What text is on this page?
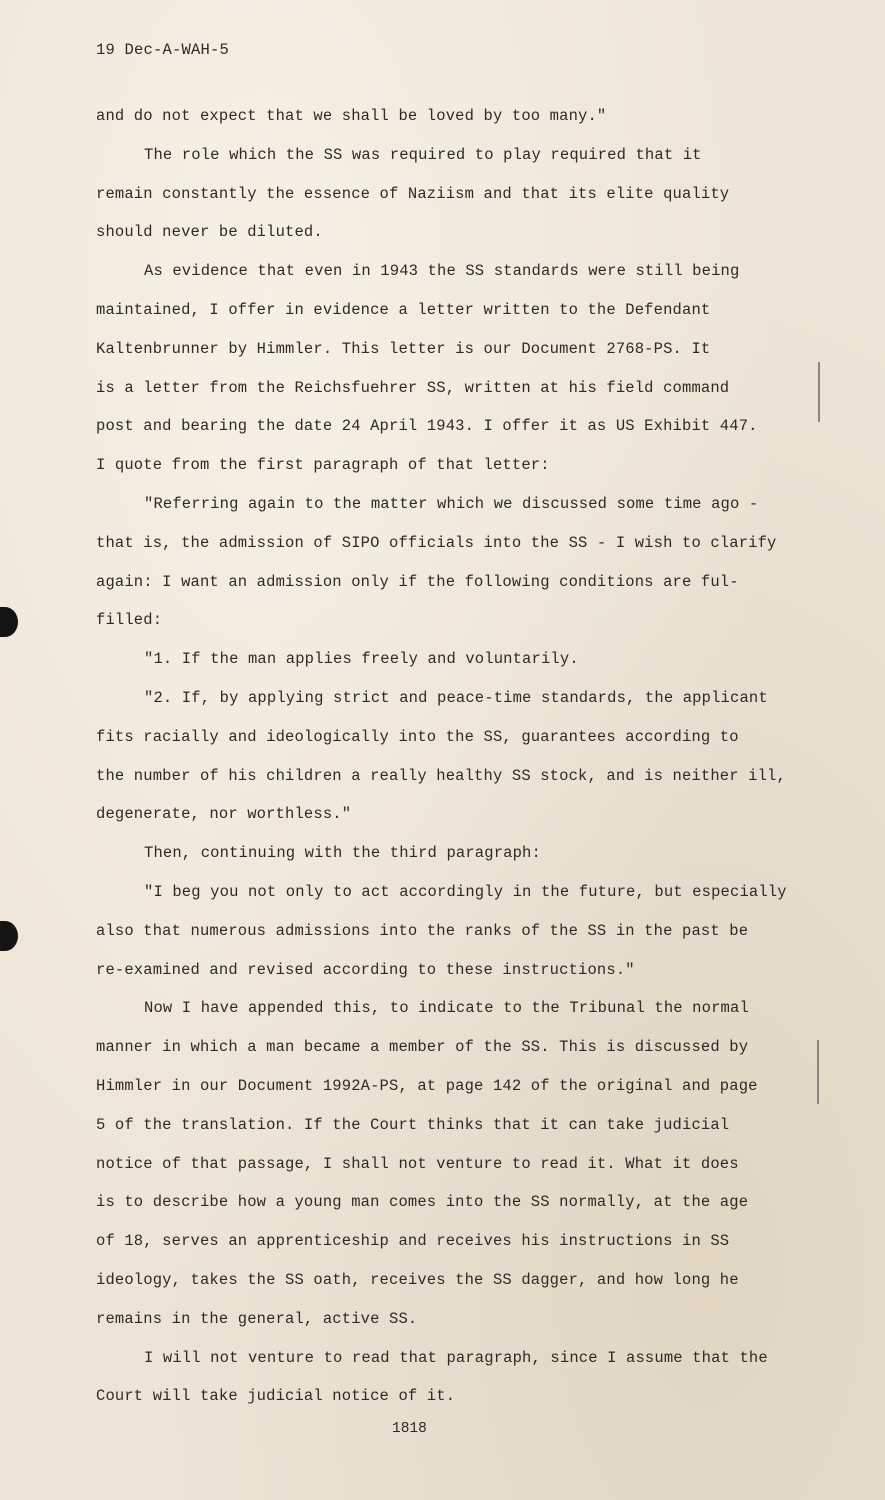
19 Dec-A-WAH-5

and do not expect that we shall be loved by too many."

The role which the SS was required to play required that it
remain constantly the essence of Naziism and that its elite quality
should never be diluted.

As evidence that even in 1943 the SS standards were still being
maintained, I offer in evidence a letter written to the Defendant
Kaltenbrunner by Himmler. This letter is our Document 2768-PS. It
is a letter from the Reichsfuehrer SS, written at his field command
post and bearing the date 24 April 1943. I offer it as US Exhibit 447.
I quote from the first paragraph of that letter:

"Referring again to the matter which we discussed some time ago -
that is, the admission of SIPO officials into the SS - I wish to clarify
again: I want an admission only if the following conditions are ful-
filled:

"1. If the man applies freely and voluntarily.

"2. If, by applying strict and peace-time standards, the applicant
fits racially and ideologically into the SS, guarantees according to
the number of his children a really healthy SS stock, and is neither ill,
degenerate, nor worthless."

Then, continuing with the third paragraph:

"I beg you not only to act accordingly in the future, but especially
also that numerous admissions into the ranks of the SS in the past be
re-examined and revised according to these instructions."

Now I have appended this, to indicate to the Tribunal the normal
manner in which a man became a member of the SS. This is discussed by
Himmler in our Document 1992A-PS, at page 142 of the original and page
5 of the translation. If the Court thinks that it can take judicial
notice of that passage, I shall not venture to read it. What it does
is to describe how a young man comes into the SS normally, at the age
of 18, serves an apprenticeship and receives his instructions in SS
ideology, takes the SS oath, receives the SS dagger, and how long he
remains in the general, active SS.

I will not venture to read that paragraph, since I assume that the
Court will take judicial notice of it.

1818
